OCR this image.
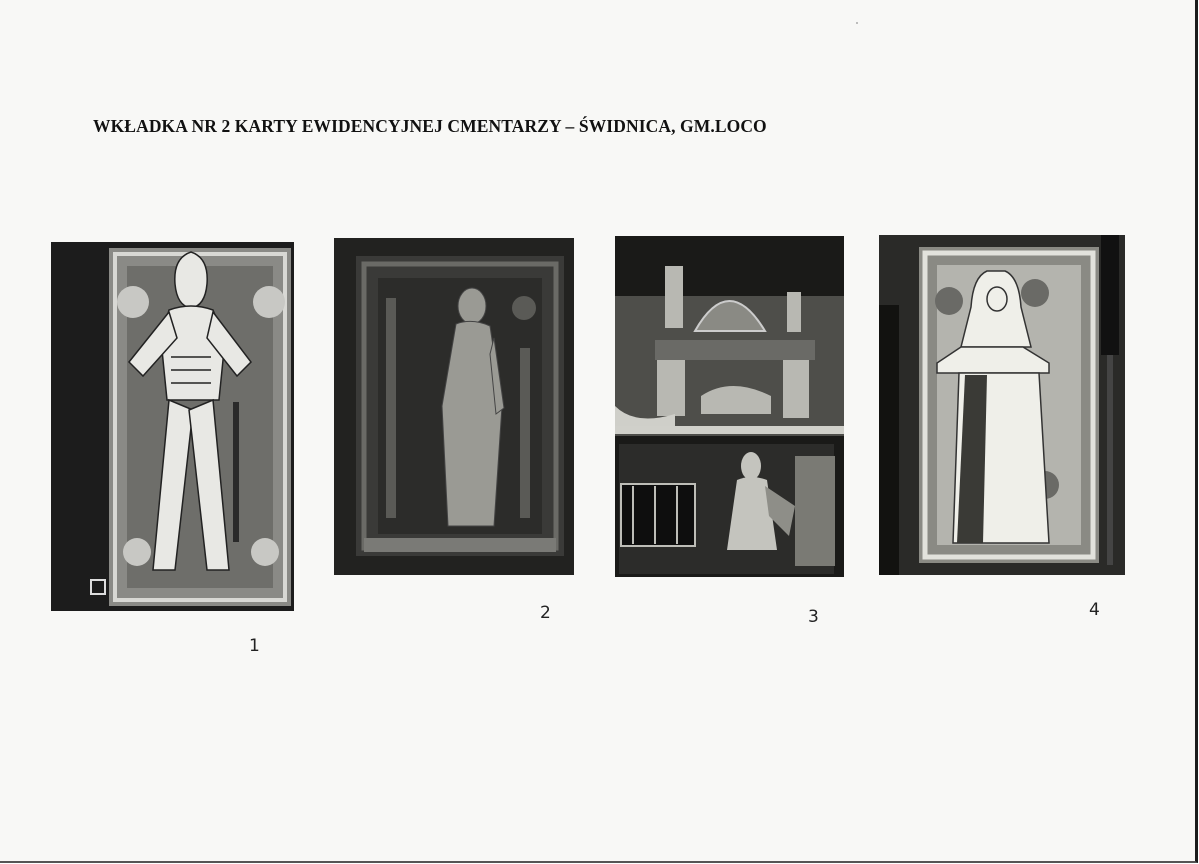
WKŁADKA NR 2 KARTY EWIDENCYJNEJ CMENTARZY – ŚWIDNICA, GM.LOCO
1
2	3	4
